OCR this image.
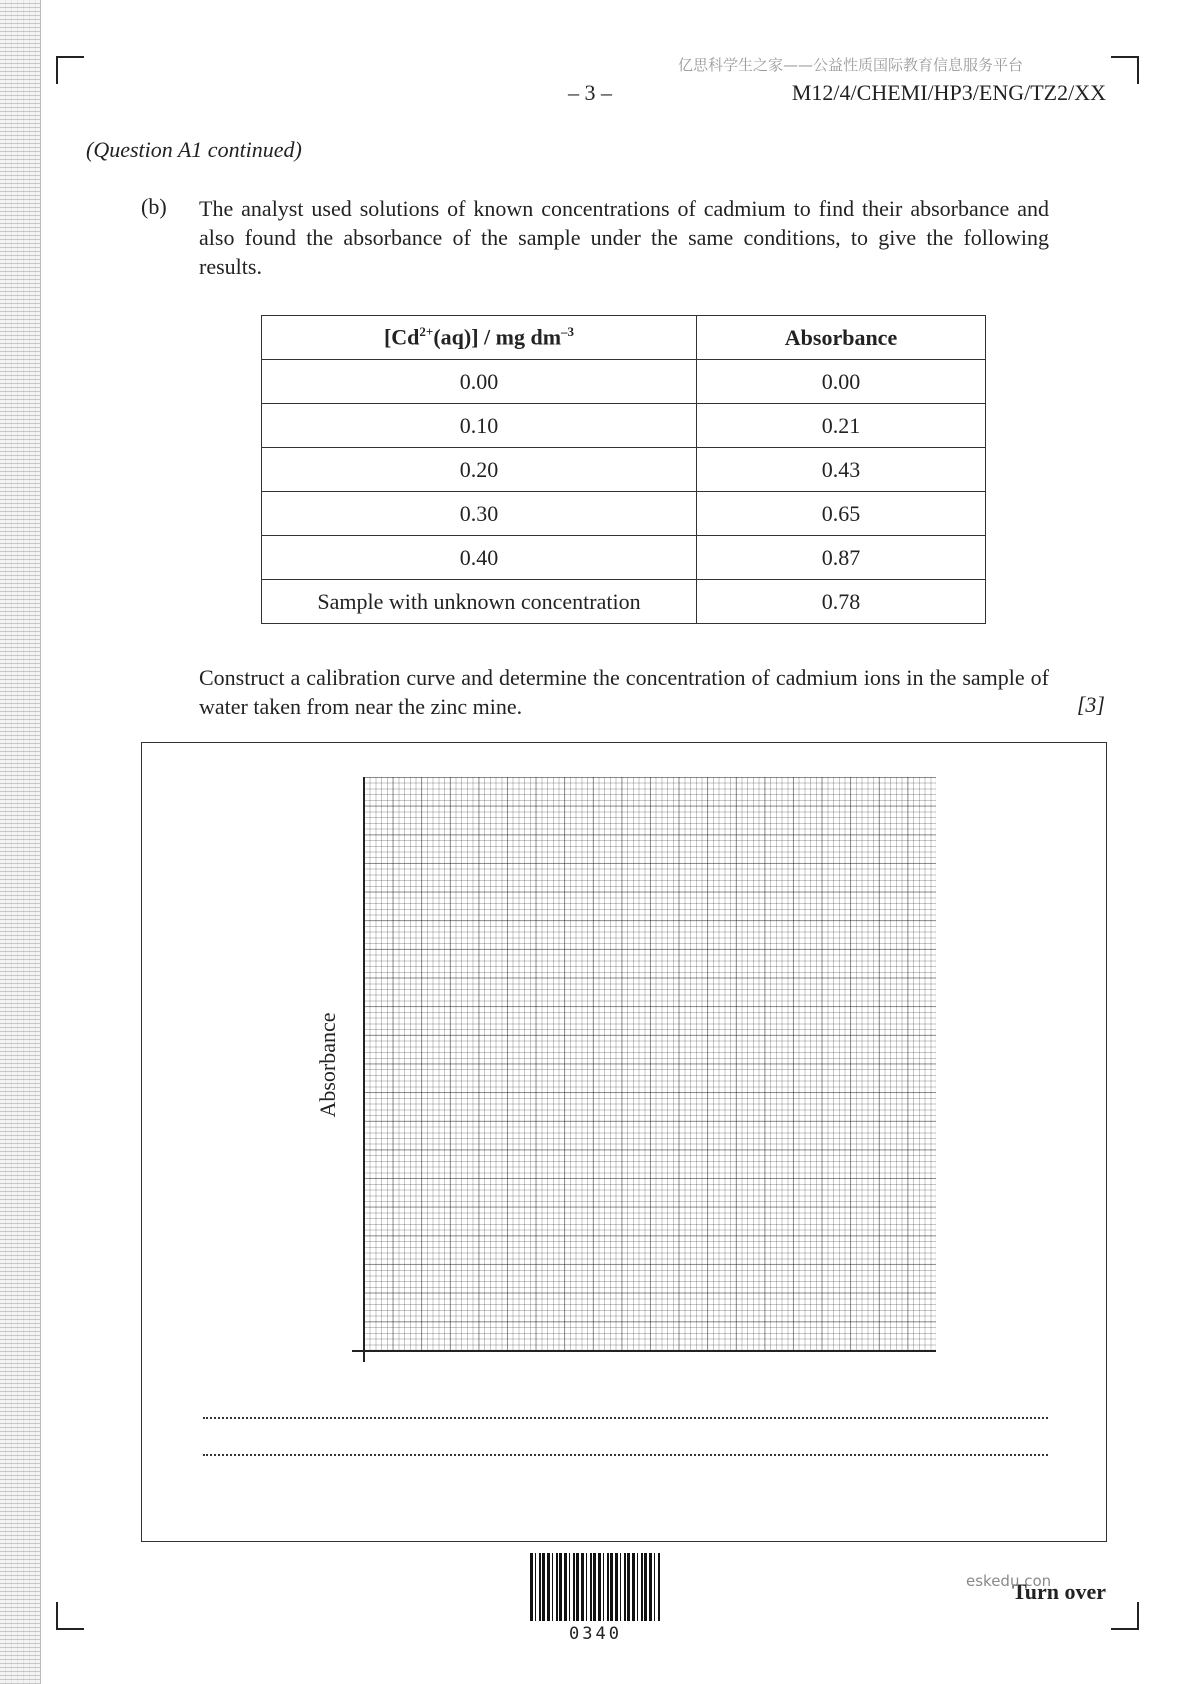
亿思科学生之家——公益性质国际教育信息服务平台
– 3 –	M12/4/CHEMI/HP3/ENG/TZ2/XX
(Question A1 continued)
(b) The analyst used solutions of known concentrations of cadmium to find their absorbance and also found the absorbance of the sample under the same conditions, to give the following results.
$[Cd^{2+}(aq)]$ / mg $dm^{-3}$	Absorbance
0.00	0.00
0.10	0.21
0.20	0.43
0.30	0.65
0.40	0.87
Sample with unknown concentration	0.78
Construct a calibration curve and determine the concentration of cadmium ions in the sample of water taken from near the zinc mine.	[3]
Absorbance
0340
Turn over
eskedu.con
